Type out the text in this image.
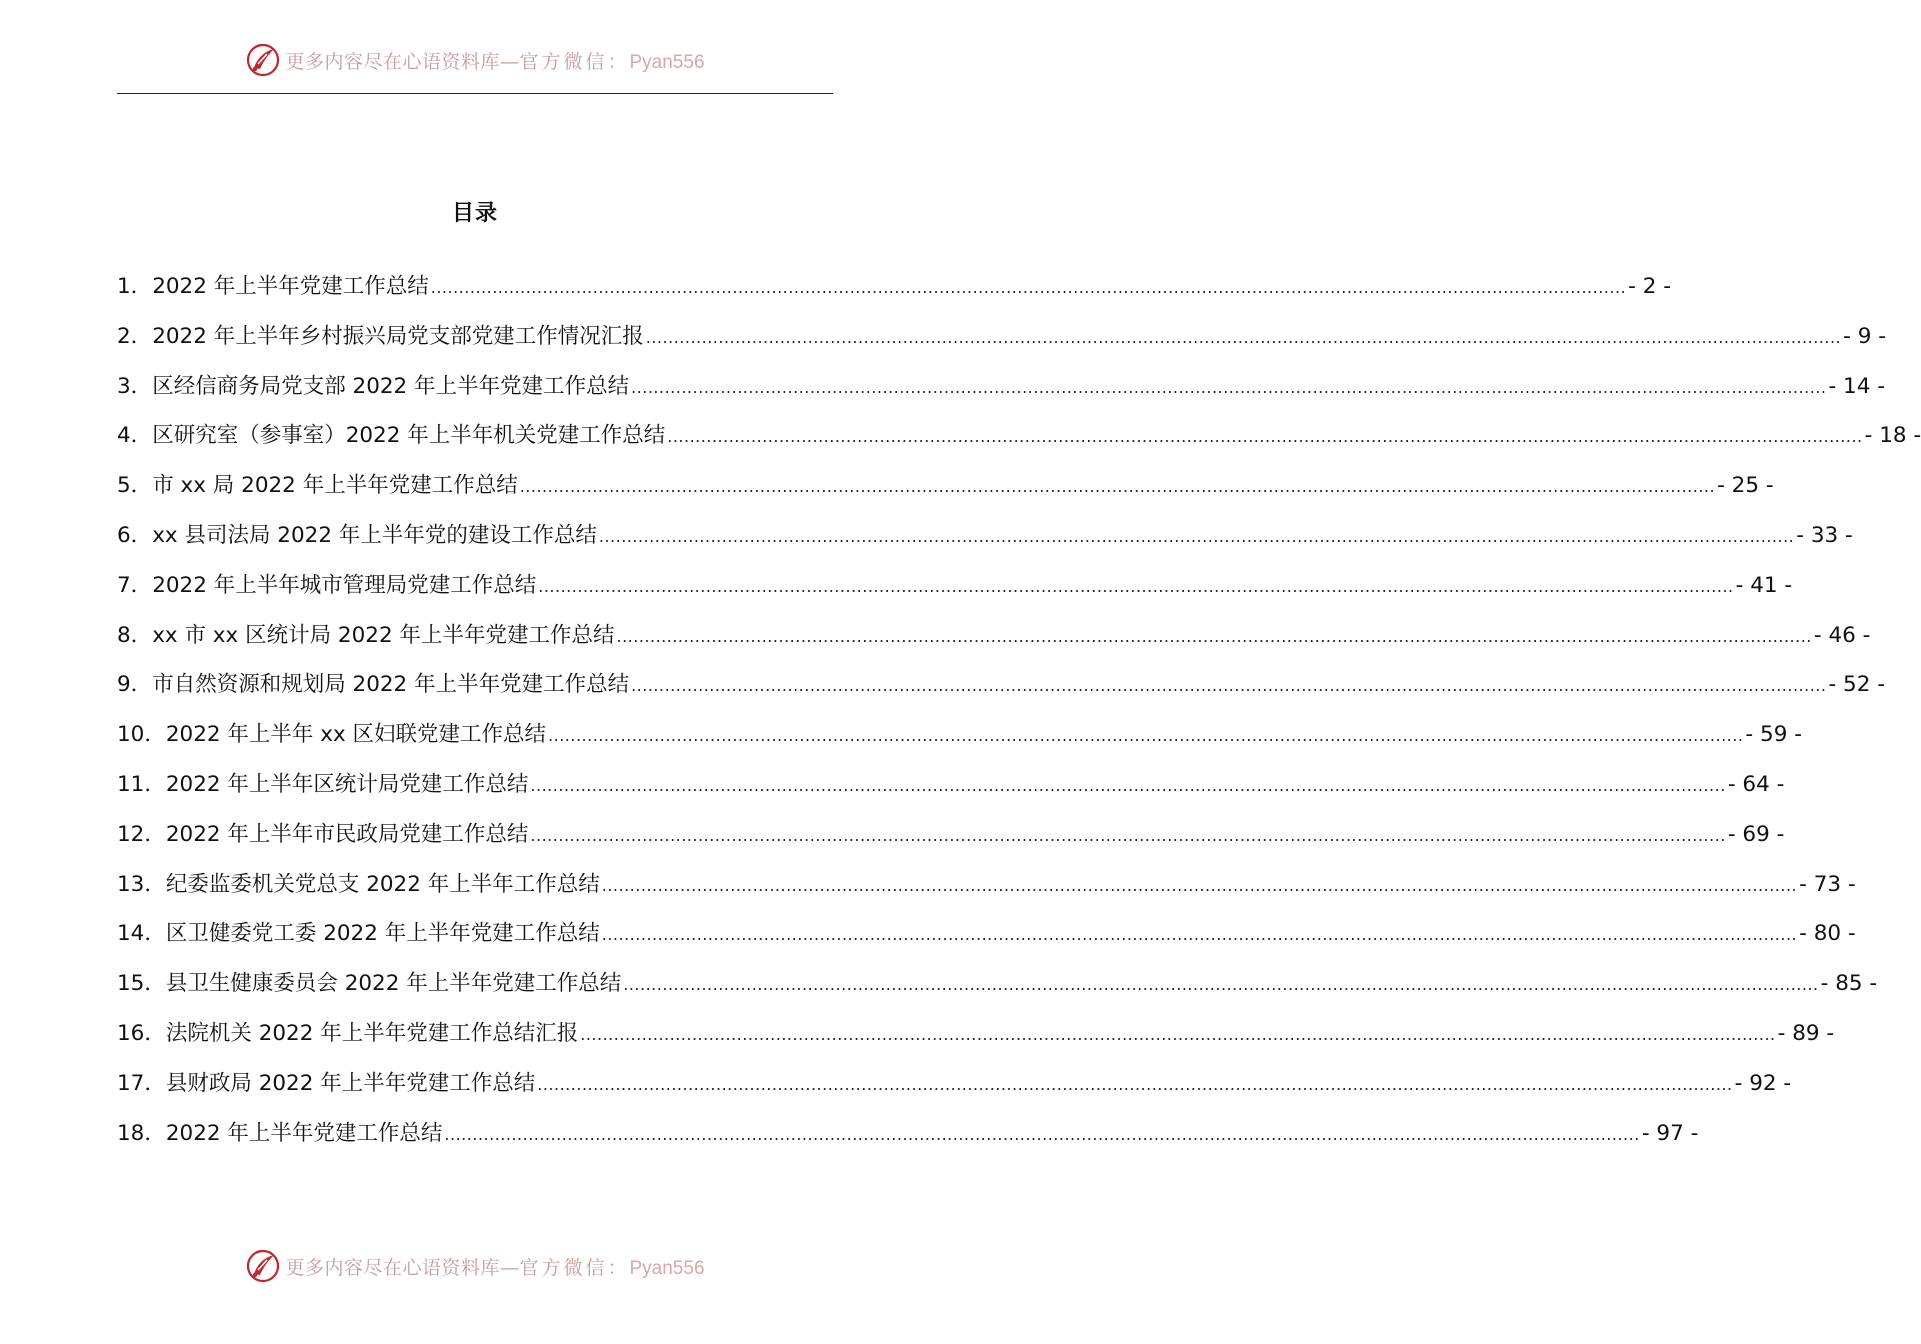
更多内容尽在心语资料库—官方微信：Pyan556
目录
1． 2022 年上半年党建工作总结 .....	- 2 -
2． 2022 年上半年乡村振兴局党支部党建工作情况汇报 .....	- 9 -
3． 区经信商务局党支部 2022 年上半年党建工作总结 .....	- 14 -
4． 区研究室（参事室）2022 年上半年机关党建工作总结 .....	- 18 -
5． 市 xx 局 2022 年上半年党建工作总结 .....	- 25 -
6． xx 县司法局 2022 年上半年党的建设工作总结 .....	- 33 -
7． 2022 年上半年城市管理局党建工作总结 .....	- 41 -
8． xx 市 xx 区统计局 2022 年上半年党建工作总结 .....	- 46 -
9． 市自然资源和规划局 2022 年上半年党建工作总结 .....	- 52 -
10． 2022 年上半年 xx 区妇联党建工作总结 .....	- 59 -
11． 2022 年上半年区统计局党建工作总结 .....	- 64 -
12． 2022 年上半年市民政局党建工作总结 .....	- 69 -
13． 纪委监委机关党总支 2022 年上半年工作总结 .....	- 73 -
14． 区卫健委党工委 2022 年上半年党建工作总结 .....	- 80 -
15． 县卫生健康委员会 2022 年上半年党建工作总结 .....	- 85 -
16． 法院机关 2022 年上半年党建工作总结汇报 .....	- 89 -
17． 县财政局 2022 年上半年党建工作总结 .....	- 92 -
18． 2022 年上半年党建工作总结 .....	- 97 -
更多内容尽在心语资料库—官方微信：Pyan556
